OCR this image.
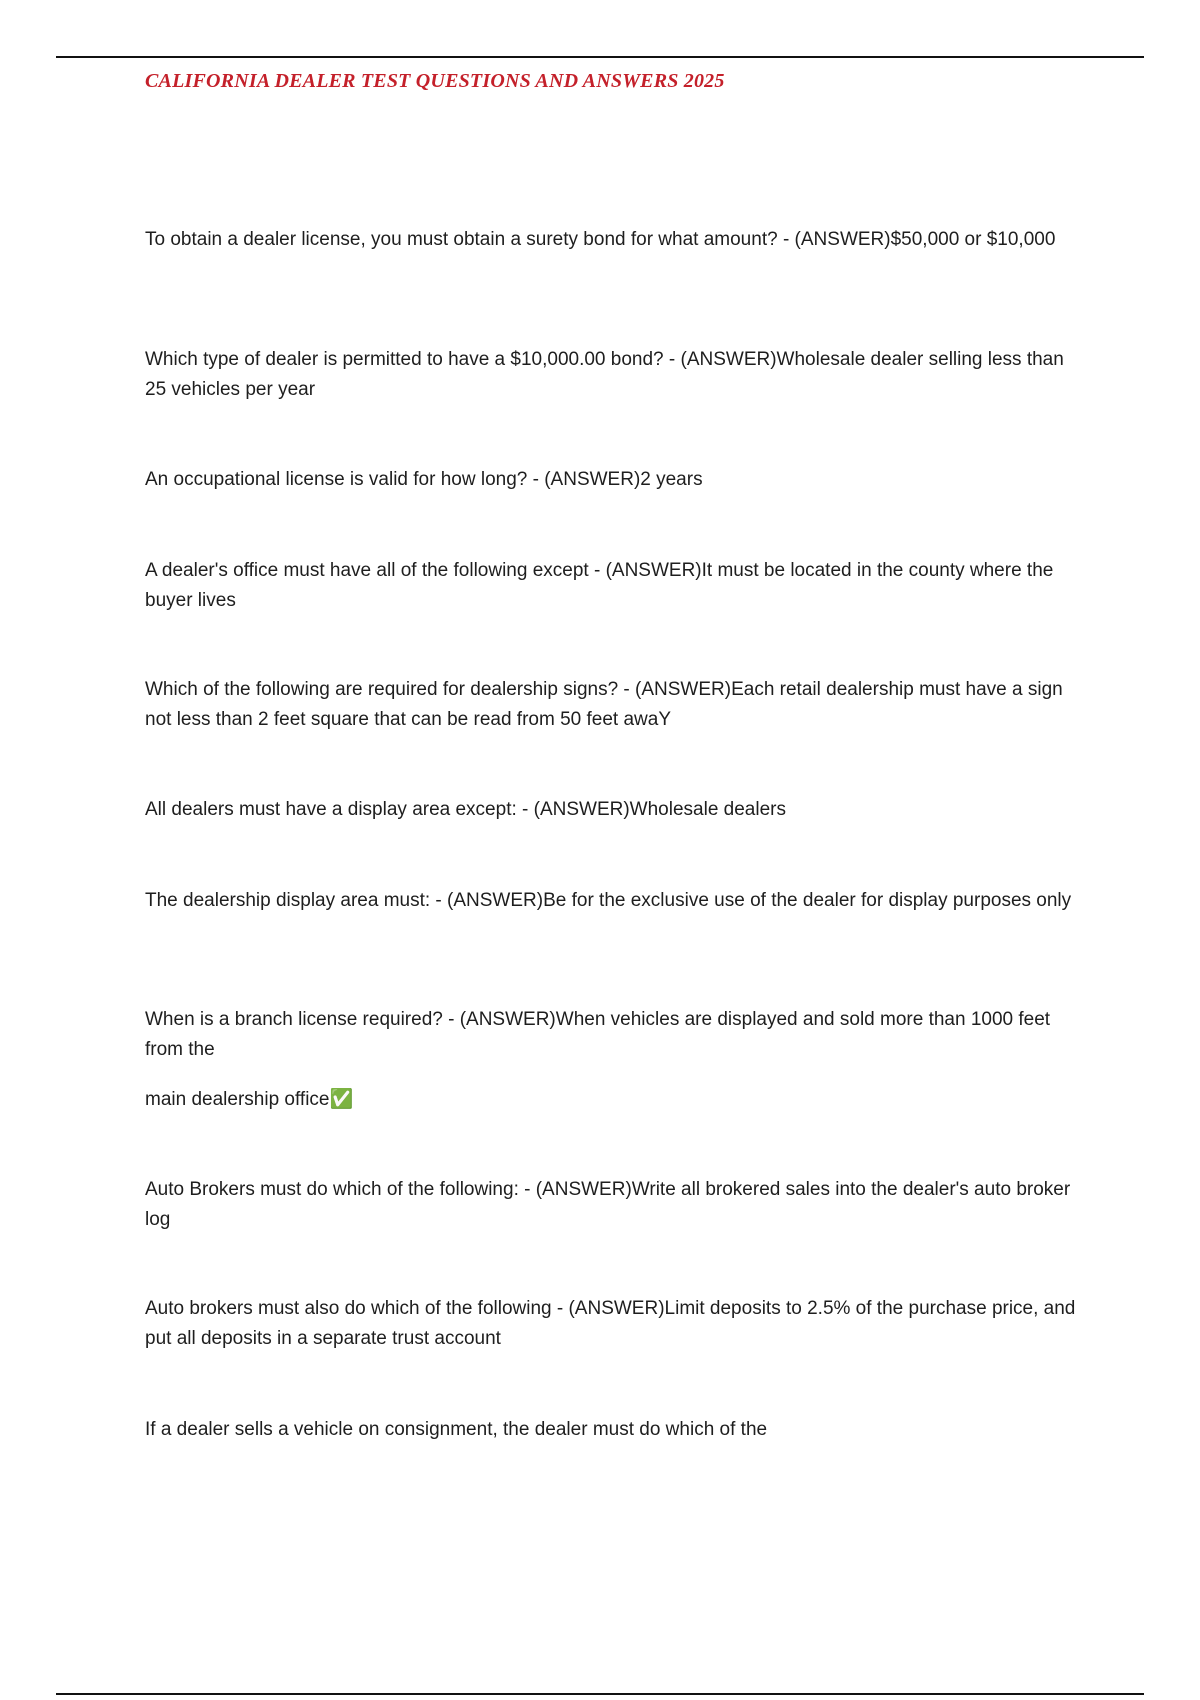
CALIFORNIA DEALER TEST QUESTIONS AND ANSWERS 2025

To obtain a dealer license, you must obtain a surety bond for what amount? - (ANSWER)$50,000 or $10,000

Which type of dealer is permitted to have a $10,000.00 bond? - (ANSWER)Wholesale dealer selling less than 25 vehicles per year

An occupational license is valid for how long? - (ANSWER)2 years

A dealer's office must have all of the following except - (ANSWER)It must be located in the county where the buyer lives

Which of the following are required for dealership signs? - (ANSWER)Each retail dealership must have a sign not less than 2 feet square that can be read from 50 feet awaY

All dealers must have a display area except: - (ANSWER)Wholesale dealers

The dealership display area must: - (ANSWER)Be for the exclusive use of the dealer for display purposes only

When is a branch license required? - (ANSWER)When vehicles are displayed and sold more than 1000 feet from the

main dealership office✅

Auto Brokers must do which of the following: - (ANSWER)Write all brokered sales into the dealer's auto broker log

Auto brokers must also do which of the following - (ANSWER)Limit deposits to 2.5% of the purchase price, and put all deposits in a separate trust account

If a dealer sells a vehicle on consignment, the dealer must do which of the
